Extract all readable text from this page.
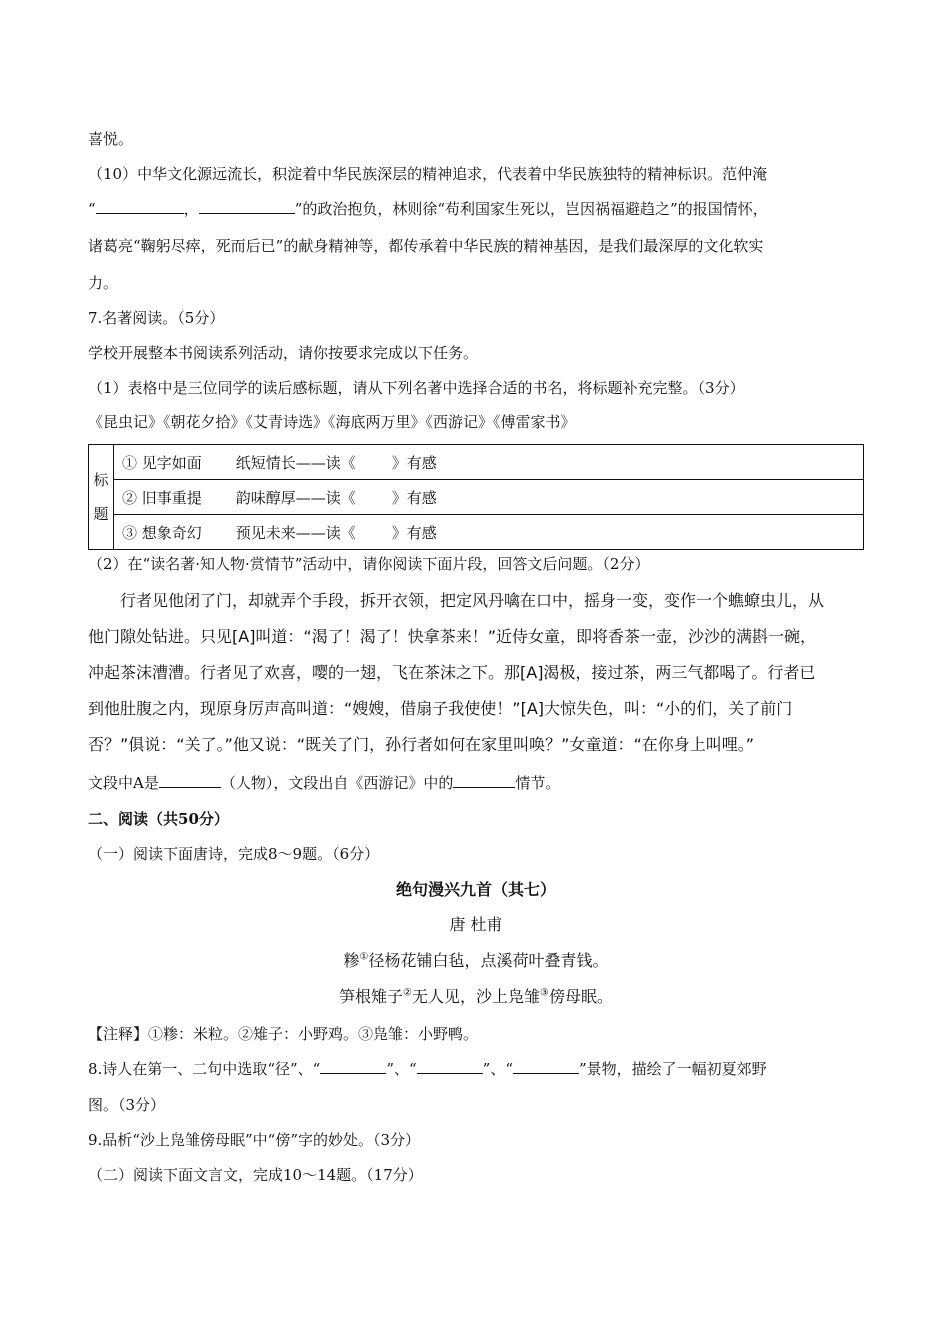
喜悦。
（10）中华文化源远流长，积淀着中华民族深层的精神追求，代表着中华民族独特的精神标识。范仲淹
“	，	”的政治抱负，林则徐“苟利国家生死以，岂因祸福避趋之”的报国情怀，
诸葛亮“鞠躬尽瘁，死而后已”的献身精神等，都传承着中华民族的精神基因，是我们最深厚的文化软实
力。
7.名著阅读。（5分）
学校开展整本书阅读系列活动，请你按要求完成以下任务。
（1）表格中是三位同学的读后感标题，请从下列名著中选择合适的书名，将标题补充完整。（3分）
《昆虫记》《朝花夕拾》《艾青诗选》《海底两万里》《西游记》《傅雷家书》
标
题
	① 见字如面 纸短情长——读《 》有感
② 旧事重提 韵味醇厚——读《 》有感
③ 想象奇幻 预见未来——读《 》有感
（2）在“读名著·知人物·赏情节”活动中，请你阅读下面片段，回答文后问题。（2分）
行者见他闭了门，却就弄个手段，拆开衣领，把定风丹噙在口中，摇身一变，变作一个蟭蟟虫儿，从
他门隙处钻进。只见[A]叫道：“渴了！渴了！快拿茶来！”近侍女童，即将香茶一壶，沙沙的满斟一碗，
冲起茶沫漕漕。行者见了欢喜，嘤的一翅，飞在茶沫之下。那[A]渴极，接过茶，两三气都喝了。行者已
到他肚腹之内，现原身厉声高叫道：“嫂嫂，借扇子我使使！”[A]大惊失色，叫：“小的们，关了前门
否？”俱说：“关了。”他又说：“既关了门，孙行者如何在家里叫唤？”女童道：“在你身上叫哩。”
文段中A是	（人物），文段出自《西游记》中的	情节。
二、阅读（共50分）
（一）阅读下面唐诗，完成8～9题。（6分）
绝句漫兴九首（其七）
唐 杜甫
糁①径杨花铺白毡，点溪荷叶叠青钱。
笋根雉子②无人见，沙上凫雏③傍母眠。
【注释】①糁：米粒。②雉子：小野鸡。③凫雏：小野鸭。
8.诗人在第一、二句中选取“径”、“	”、“	”、“	”景物，描绘了一幅初夏郊野
图。（3分）
9.品析“沙上凫雏傍母眠”中“傍”字的妙处。（3分）
（二）阅读下面文言文，完成10～14题。（17分）
